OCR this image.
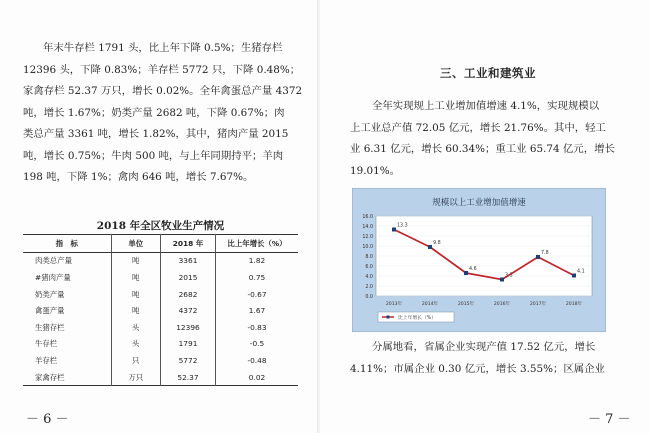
年末牛存栏 1791 头，比上年下降 0.5%；生猪存栏
12396 头，下降 0.83%；羊存栏 5772 只，下降 0.48%；
家禽存栏 52.37 万只，增长 0.02%。全年禽蛋总产量 4372
吨，增长 1.67%；奶类产量 2682 吨，下降 0.67%；肉
类总产量 3361 吨，增长 1.82%，其中，猪肉产量 2015
吨，增长 0.75%；牛肉 500 吨，与上年同期持平；羊肉
198 吨，下降 1%；禽肉 646 吨，增长 7.67%。
2018 年全区牧业生产情况
指　标	单位	2018 年	比上年增长（%）
肉类总产量	吨	3361	1.82
#猪肉产量	吨	2015	0.75
奶类产量	吨	2682	-0.67
禽蛋产量	吨	4372	1.67
生猪存栏	头	12396	-0.83
牛存栏	头	1791	-0.5
羊存栏	只	5772	-0.48
家禽存栏	万只	52.37	0.02
－ 6 －
三、工业和建筑业
全年实现规上工业增加值增速 4.1%，实现规模以
上工业总产值 72.05 亿元，增长 21.76%。其中，轻工
业 6.31 亿元，增长 60.34%；重工业 65.74 亿元，增长
19.01%。
规模以上工业增加值增速
0.0
2.0
4.0
6.0
8.0
10.0
12.0
14.0
16.0
2013年	2014年	2015年	2016年	2017年	2018年
13.3
9.8
4.6
3.3
7.8
4.1
比上年增长（%）
分属地看，省属企业实现产值 17.52 亿元，增长
4.11%；市属企业 0.30 亿元，增长 3.55%；区属企业
－ 7 －
